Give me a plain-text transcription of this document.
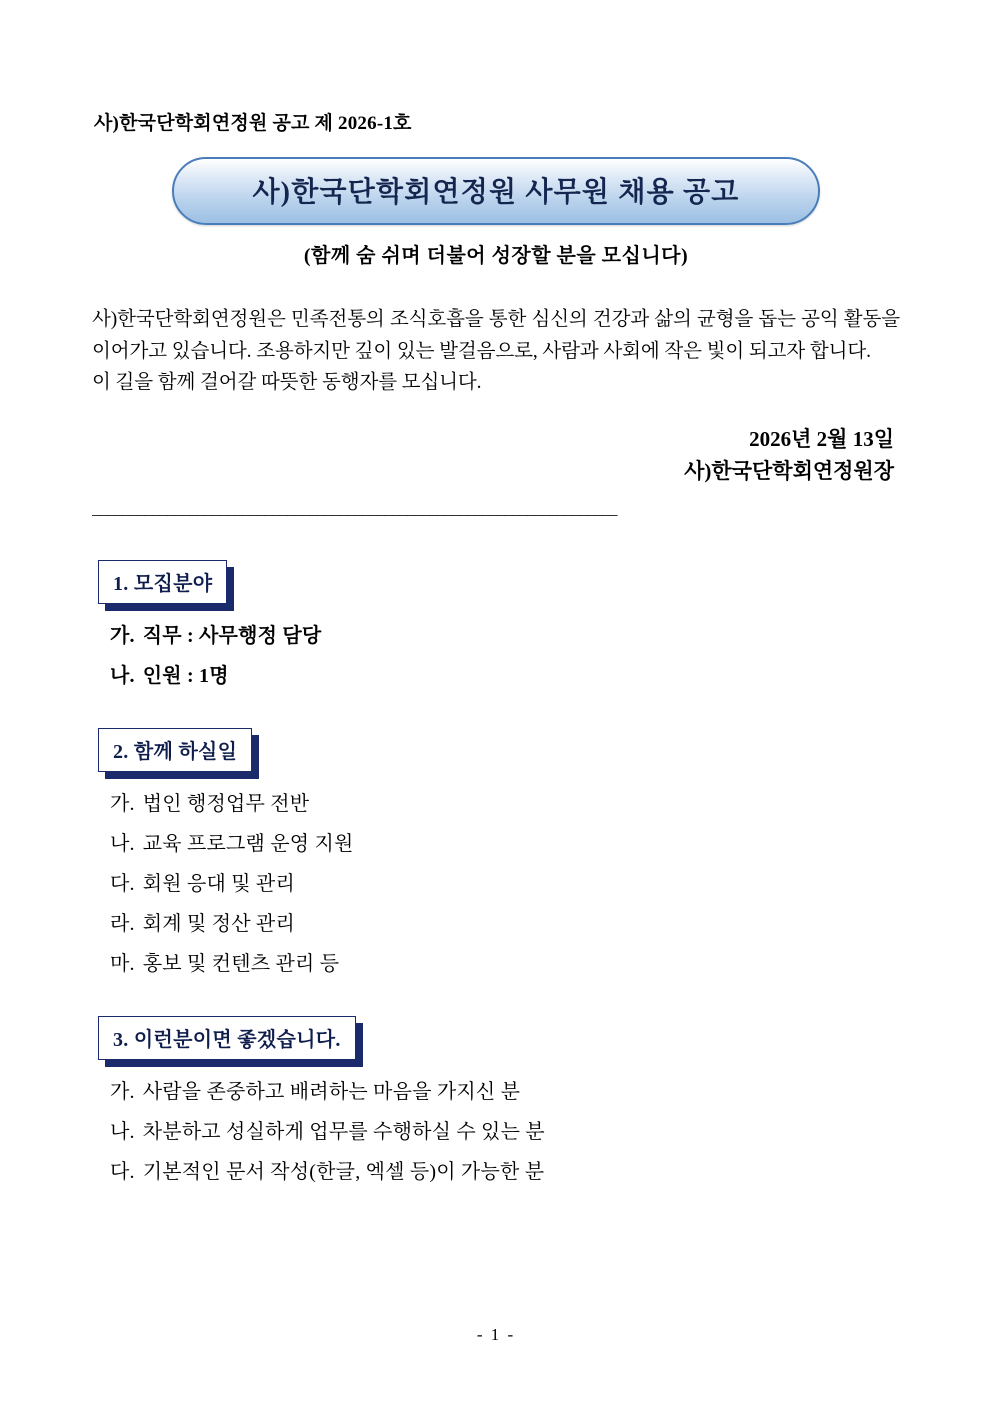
사)한국단학회연정원 공고 제 2026-1호
사)한국단학회연정원 사무원 채용 공고
(함께 숨 쉬며 더불어 성장할 분을 모십니다)

사)한국단학회연정원은 민족전통의 조식호흡을 통한 심신의 건강과 삶의 균형을 돕는 공익 활동을 이어가고 있습니다. 조용하지만 깊이 있는 발걸음으로, 사람과 사회에 작은 빛이 되고자 합니다.

이 길을 함께 걸어갈 따뜻한 동행자를 모십니다.

2026년 2월 13일
사)한국단학회연정원장
______________________________________________________________________
1. 모집분야
가. 직무 : 사무행정 담당
나. 인원 : 1명
2. 함께 하실일
가. 법인 행정업무 전반
나. 교육 프로그램 운영 지원
다. 회원 응대 및 관리
라. 회계 및 정산 관리
마. 홍보 및 컨텐츠 관리 등
3. 이런분이면 좋겠습니다.
가. 사람을 존중하고 배려하는 마음을 가지신 분
나. 차분하고 성실하게 업무를 수행하실 수 있는 분
다. 기본적인 문서 작성(한글, 엑셀 등)이 가능한 분
- 1 -
